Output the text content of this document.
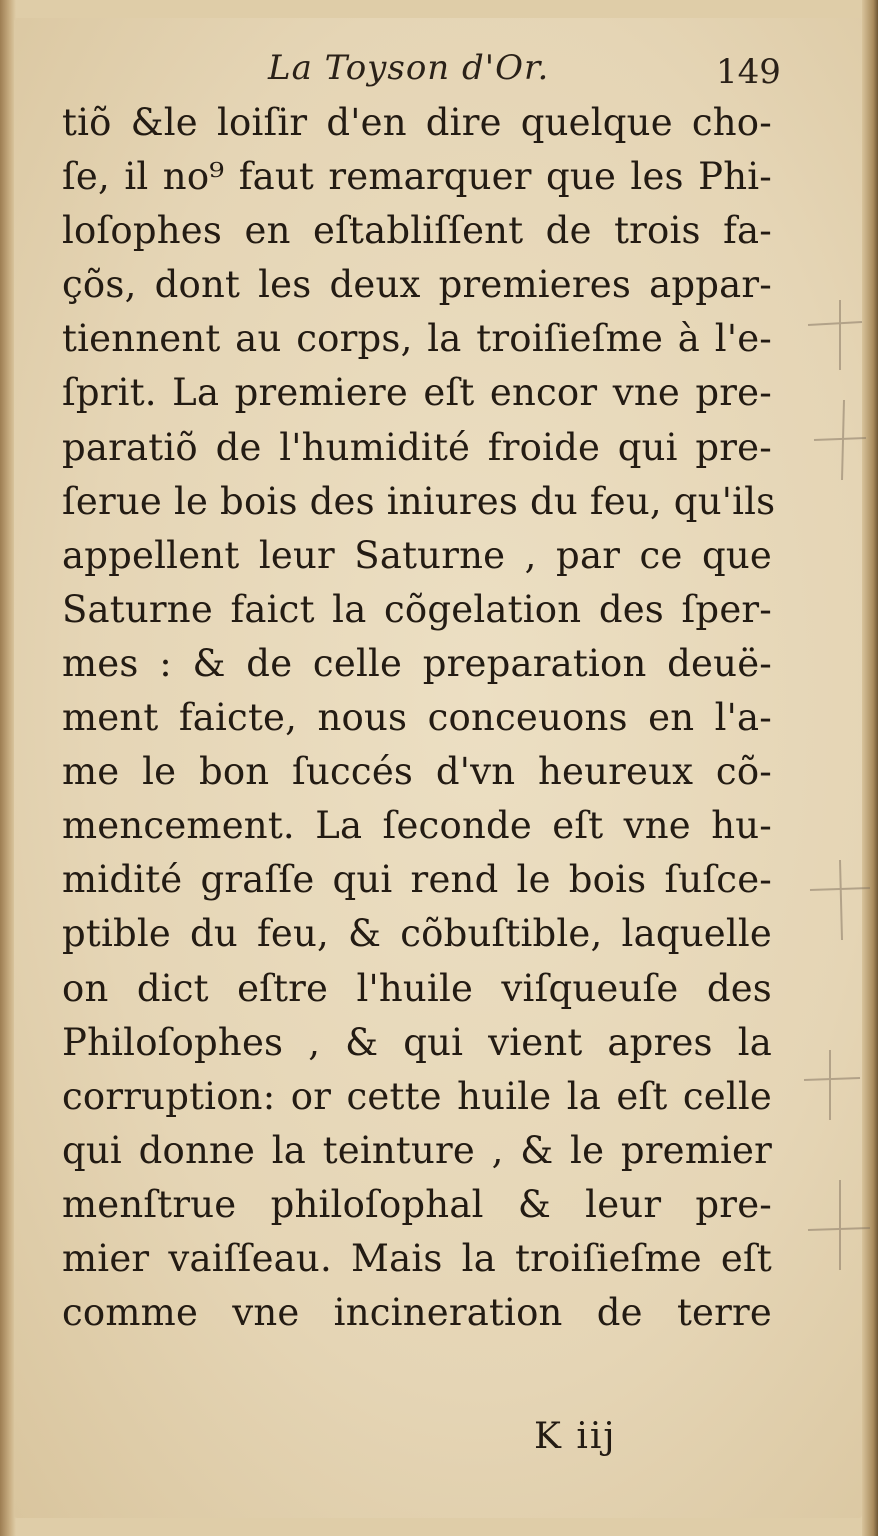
La Toyson d'Or.	149
tiõ &le loiſir d'en dire quelque cho-
ſe, il no⁹ faut remarquer que les Phi-
loſophes en eſtabliſſent de trois fa-
çõs, dont les deux premieres appar-
tiennent au corps, la troiſieſme à l'e-
ſprit. La premiere eſt encor vne pre-
paratiõ de l'humidité froide qui pre-
ſerue le bois des iniures du feu, qu'ils
appellent leur Saturne , par ce que
Saturne faict la cõgelation des ſper-
mes : & de celle preparation deuë-
ment faicte, nous conceuons en l'a-
me le bon ſuccés d'vn heureux cõ-
mencement. La ſeconde eſt vne hu-
midité graſſe qui rend le bois ſuſce-
ptible du feu, & cõbuſtible, laquelle
on dict eſtre l'huile viſqueuſe des
Philoſophes , & qui vient apres la
corruption: or cette huile la eſt celle
qui donne la teinture , & le premier
menſtrue philoſophal & leur pre-
mier vaiſſeau. Mais la troiſieſme eſt
comme vne incineration de terre
K iij
